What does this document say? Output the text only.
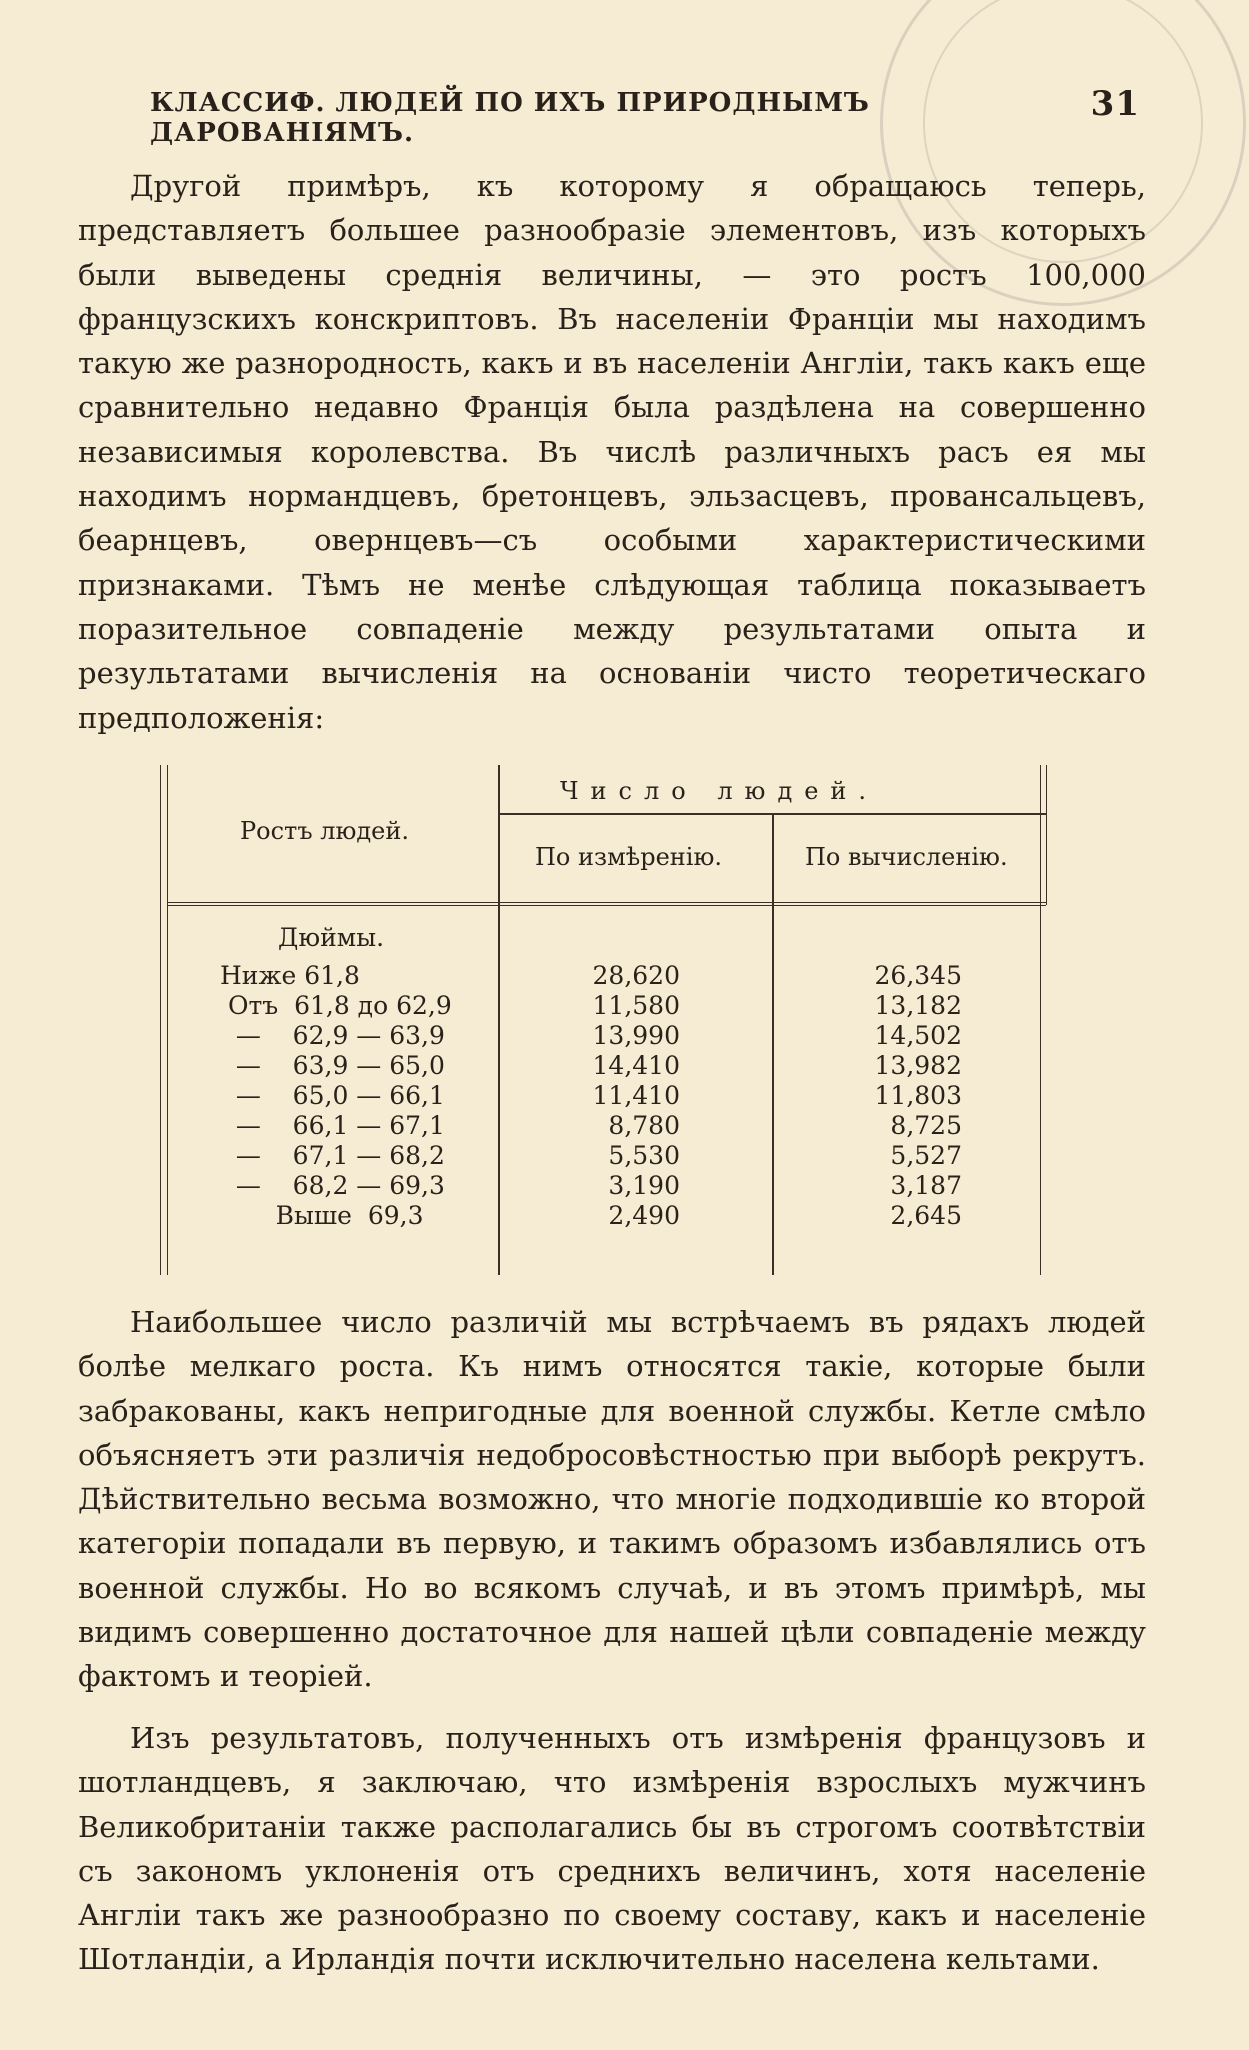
КЛАССИФ. ЛЮДЕЙ ПО ИХЪ ПРИРОДНЫМЪ ДАРОВАНІЯМЪ.
31

Другой примѣръ, къ которому я обращаюсь теперь, представляетъ большее разнообразіе элементовъ, изъ которыхъ были выведены среднія величины, — это ростъ 100,000 французскихъ конскриптовъ. Въ населеніи Франціи мы находимъ такую же разнородность, какъ и въ населеніи Англіи, такъ какъ еще сравнительно недавно Франція была раздѣлена на совершенно независимыя королевства. Въ числѣ различныхъ расъ ея мы находимъ нормандцевъ, бретонцевъ, эльзасцевъ, провансальцевъ, беарнцевъ, овернцевъ—съ особыми характеристическими признаками. Тѣмъ не менѣе слѣдующая таблица показываетъ поразительное совпаденіе между результатами опыта и результатами вычисленія на основаніи чисто теоретическаго предположенія:

Ростъ людей.
Число людей.
По измѣренію.	По вычисленію.
Дюймы.
Ниже 61,8	28,620	26,345
Отъ  61,8 до 62,9	11,580	13,182
—    62,9 — 63,9	13,990	14,502
—    63,9 — 65,0	14,410	13,982
—    65,0 — 66,1	11,410	11,803
—    66,1 — 67,1	8,780	8,725
—    67,1 — 68,2	5,530	5,527
—    68,2 — 69,3	3,190	3,187
Выше  69,3	2,490	2,645

Наибольшее число различій мы встрѣчаемъ въ рядахъ людей болѣе мелкаго роста. Къ нимъ относятся такіе, которые были забракованы, какъ непригодные для военной службы. Кетле смѣло объясняетъ эти различія недобросовѣстностью при выборѣ рекрутъ. Дѣйствительно весьма возможно, что многіе подходившіе ко второй категоріи попадали въ первую, и такимъ образомъ избавлялись отъ военной службы. Но во всякомъ случаѣ, и въ этомъ примѣрѣ, мы видимъ совершенно достаточное для нашей цѣли совпаденіе между фактомъ и теоріей.

Изъ результатовъ, полученныхъ отъ измѣренія французовъ и шотландцевъ, я заключаю, что измѣренія взрослыхъ мужчинъ Великобританіи также располагались бы въ строгомъ соотвѣтствіи съ закономъ уклоненія отъ среднихъ величинъ, хотя населеніе Англіи такъ же разнообразно по своему составу, какъ и населеніе Шотландіи, а Ирландія почти исключительно населена кельтами.
